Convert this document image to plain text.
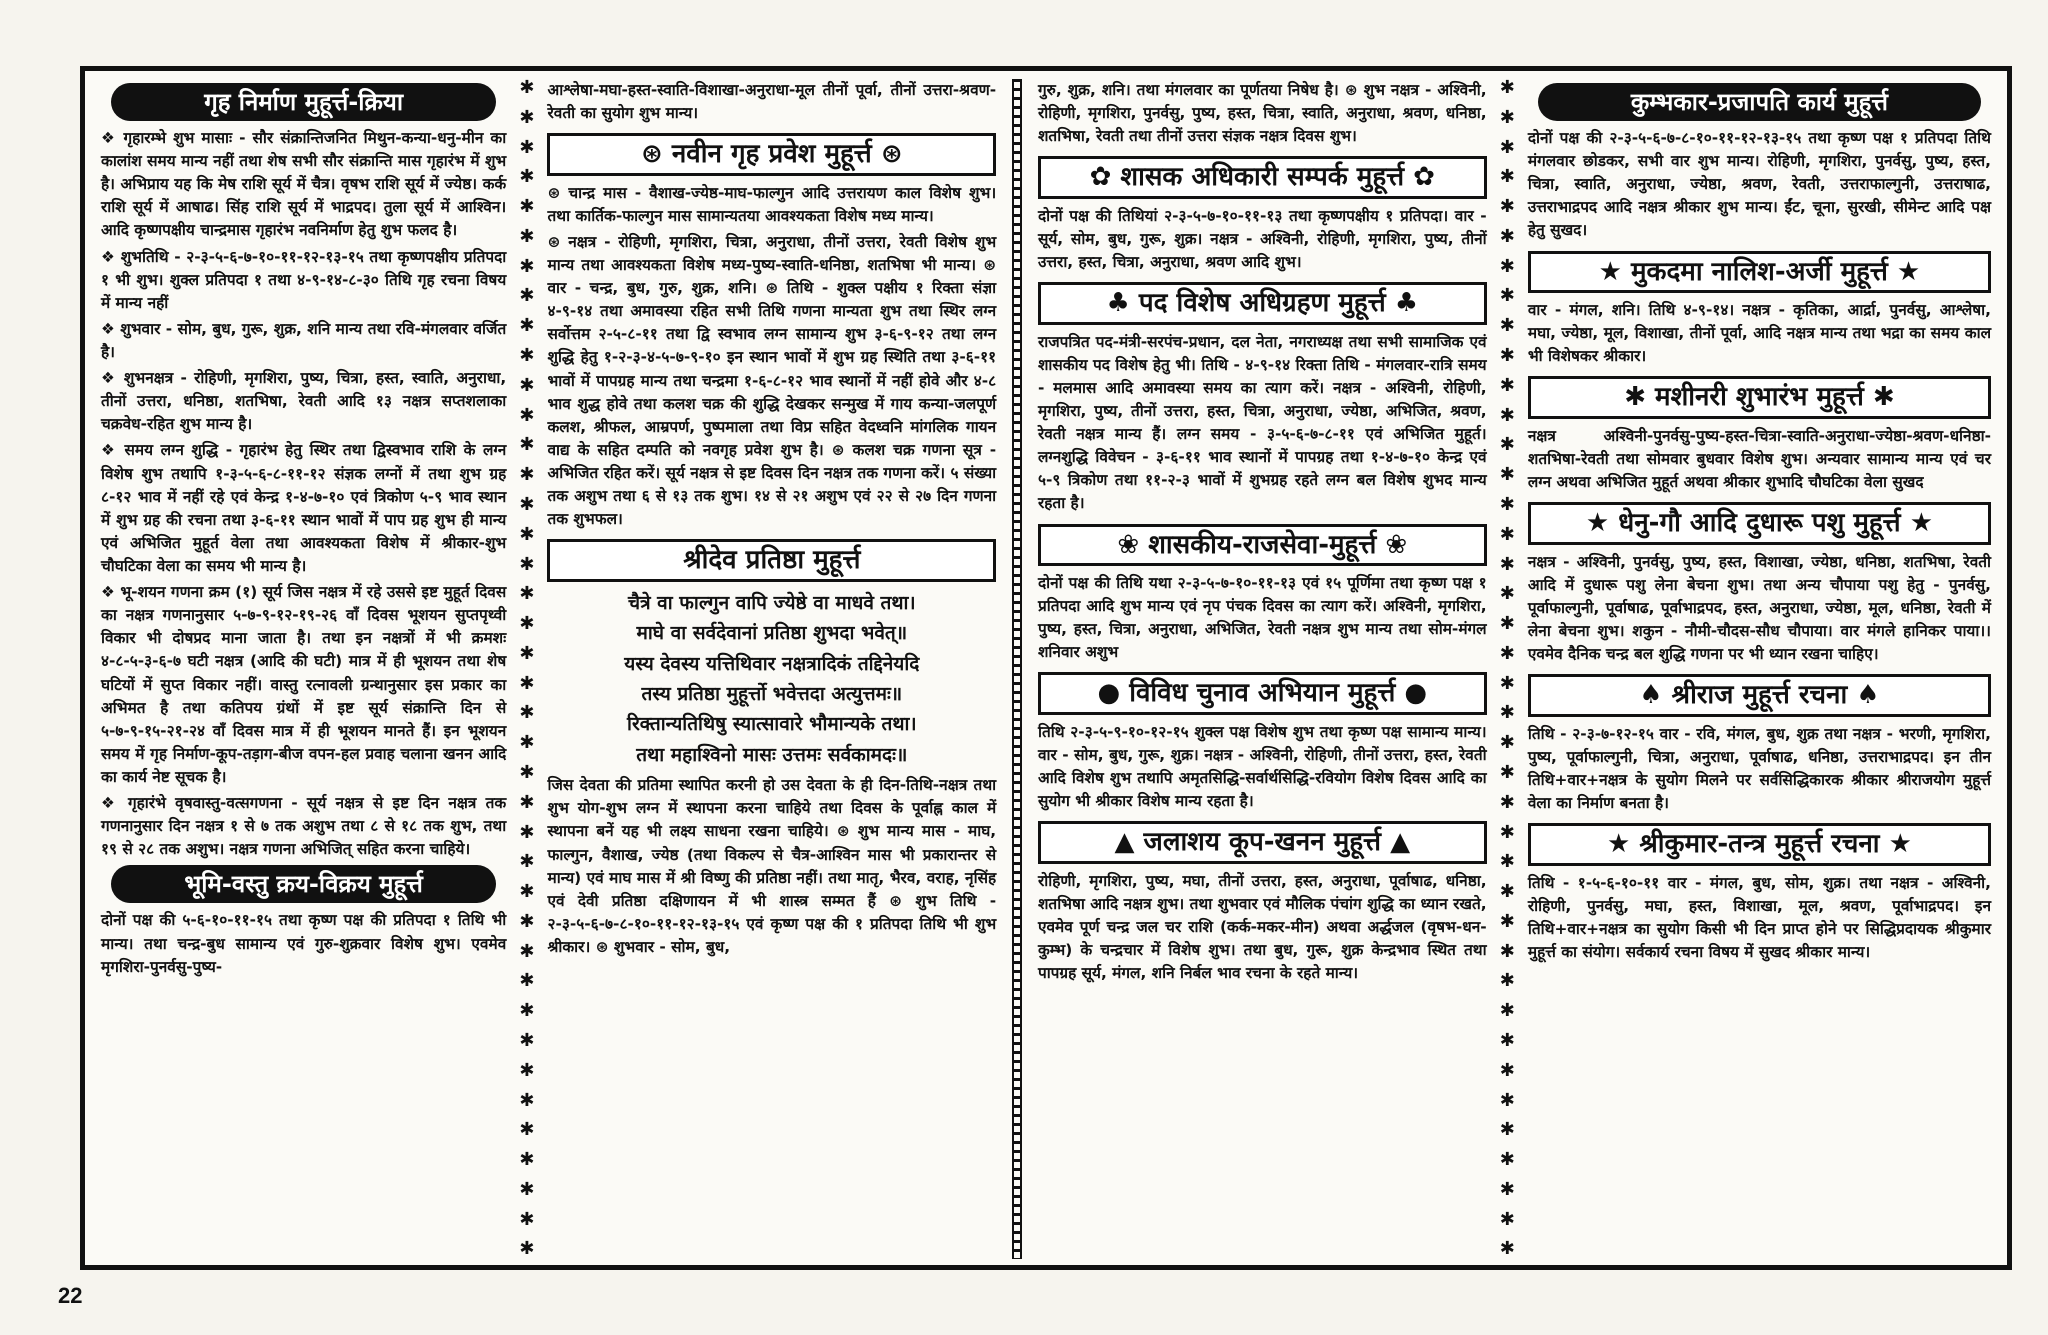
गृह निर्माण मुहूर्त्त-क्रिया
❖ गृहारम्भे शुभ मासाः - सौर संक्रान्तिजनित मिथुन-कन्या-धनु-मीन का कालांश समय मान्य नहीं तथा शेष सभी सौर संक्रान्ति मास गृहारंभ में शुभ है। अभिप्राय यह कि मेष राशि सूर्य में चैत्र। वृषभ राशि सूर्य में ज्येष्ठ। कर्क राशि सूर्य में आषाढ। सिंह राशि सूर्य में भाद्रपद। तुला सूर्य में आश्विन। आदि कृष्णपक्षीय चान्द्रमास गृहारंभ नवनिर्माण हेतु शुभ फलद है।
❖ शुभतिथि - २-३-५-६-७-१०-११-१२-१३-१५ तथा कृष्णपक्षीय प्रतिपदा १ भी शुभ। शुक्ल प्रतिपदा १ तथा ४-९-१४-८-३० तिथि गृह रचना विषय में मान्य नहीं
❖ शुभवार - सोम, बुध, गुरू, शुक्र, शनि मान्य तथा रवि-मंगलवार वर्जित है।
❖ शुभनक्षत्र - रोहिणी, मृगशिरा, पुष्य, चित्रा, हस्त, स्वाति, अनुराधा, तीनों उत्तरा, धनिष्ठा, शतभिषा, रेवती आदि १३ नक्षत्र सप्तशलाका चक्रवेध-रहित शुभ मान्य है।
❖ समय लग्न शुद्धि - गृहारंभ हेतु स्थिर तथा द्विस्वभाव राशि के लग्न विशेष शुभ तथापि १-३-५-६-८-११-१२ संज्ञक लग्नों में तथा शुभ ग्रह ८-१२ भाव में नहीं रहे एवं केन्द्र १-४-७-१० एवं त्रिकोण ५-९ भाव स्थान में शुभ ग्रह की रचना तथा ३-६-११ स्थान भावों में पाप ग्रह शुभ ही मान्य एवं अभिजित मुहूर्त वेला तथा आवश्यकता विशेष में श्रीकार-शुभ चौघटिका वेला का समय भी मान्य है।
❖ भू-शयन गणना क्रम (१) सूर्य जिस नक्षत्र में रहे उससे इष्ट मुहूर्त दिवस का नक्षत्र गणनानुसार ५-७-९-१२-१९-२६ वाँ दिवस भूशयन सुप्तपृथ्वी विकार भी दोषप्रद माना जाता है। तथा इन नक्षत्रों में भी क्रमशः ४-८-५-३-६-७ घटी नक्षत्र (आदि की घटी) मात्र में ही भूशयन तथा शेष घटियों में सुप्त विकार नहीं। वास्तु रत्नावली ग्रन्थानुसार इस प्रकार का अभिमत है तथा कतिपय ग्रंथों में इष्ट सूर्य संक्रान्ति दिन से ५-७-९-१५-२१-२४ वाँ दिवस मात्र में ही भूशयन मानते हैं। इन भूशयन समय में गृह निर्माण-कूप-तड़ाग-बीज वपन-हल प्रवाह चलाना खनन आदि का कार्य नेष्ट सूचक है।
❖ गृहारंभे वृषवास्तु-वत्सगणना - सूर्य नक्षत्र से इष्ट दिन नक्षत्र तक गणनानुसार दिन नक्षत्र १ से ७ तक अशुभ तथा ८ से १८ तक शुभ, तथा १९ से २८ तक अशुभ। नक्षत्र गणना अभिजित् सहित करना चाहिये।
भूमि-वस्तु क्रय-विक्रय मुहूर्त्त
दोनों पक्ष की ५-६-१०-११-१५ तथा कृष्ण पक्ष की प्रतिपदा १ तिथि भी मान्य। तथा चन्द्र-बुध सामान्य एवं गुरु-शुक्रवार विशेष शुभ। एवमेव मृगशिरा-पुनर्वसु-पुष्य-
✱
✱
✱
✱
✱
✱
✱
✱
✱
✱
✱
✱
✱
✱
✱
✱
✱
✱
✱
✱
✱
✱
✱
✱
✱
✱
✱
✱
✱
✱
✱
✱
✱
✱
✱
✱
✱
✱
✱
✱
आश्लेषा-मघा-हस्त-स्वाति-विशाखा-अनुराधा-मूल तीनों पूर्वा, तीनों उत्तरा-श्रवण-रेवती का सुयोग शुभ मान्य।
⊛ नवीन गृह प्रवेश मुहूर्त्त ⊛
⊛ चान्द्र मास - वैशाख-ज्येष्ठ-माघ-फाल्गुन आदि उत्तरायण काल विशेष शुभ। तथा कार्तिक-फाल्गुन मास सामान्यतया आवश्यकता विशेष मध्य मान्य।
⊛ नक्षत्र - रोहिणी, मृगशिरा, चित्रा, अनुराधा, तीनों उत्तरा, रेवती विशेष शुभ मान्य तथा आवश्यकता विशेष मध्य-पुष्य-स्वाति-धनिष्ठा, शतभिषा भी मान्य। ⊛ वार - चन्द्र, बुध, गुरु, शुक्र, शनि। ⊛ तिथि - शुक्ल पक्षीय १ रिक्ता संज्ञा ४-९-१४ तथा अमावस्या रहित सभी तिथि गणना मान्यता शुभ तथा स्थिर लग्न सर्वोत्तम २-५-८-११ तथा द्वि स्वभाव लग्न सामान्य शुभ ३-६-९-१२ तथा लग्न शुद्धि हेतु १-२-३-४-५-७-९-१० इन स्थान भावों में शुभ ग्रह स्थिति तथा ३-६-११ भावों में पापग्रह मान्य तथा चन्द्रमा १-६-८-१२ भाव स्थानों में नहीं होवे और ४-८ भाव शुद्ध होवे तथा कलश चक्र की शुद्धि देखकर सन्मुख में गाय कन्या-जलपूर्ण कलश, श्रीफल, आम्रपर्ण, पुष्पमाला तथा विप्र सहित वेदध्वनि मांगलिक गायन वाद्य के सहित दम्पति को नवगृह प्रवेश शुभ है। ⊛ कलश चक्र गणना सूत्र - अभिजित रहित करें। सूर्य नक्षत्र से इष्ट दिवस दिन नक्षत्र तक गणना करें। ५ संख्या तक अशुभ तथा ६ से १३ तक शुभ। १४ से २१ अशुभ एवं २२ से २७ दिन गणना तक शुभफल।
श्रीदेव प्रतिष्ठा मुहूर्त्त
चैत्रे वा फाल्गुन वापि ज्येष्ठे वा माधवे तथा।
माघे वा सर्वदेवानां प्रतिष्ठा शुभदा भवेत्॥
यस्य देवस्य यत्तिथिवार नक्षत्रादिकं तद्दिनेयदि
तस्य प्रतिष्ठा मुहूर्त्तो भवेत्तदा अत्युत्तमः॥
रिक्तान्यतिथिषु स्यात्सावारे भौमान्यके तथा।
तथा महाश्विनो मासः उत्तमः सर्वकामदः॥
जिस देवता की प्रतिमा स्थापित करनी हो उस देवता के ही दिन-तिथि-नक्षत्र तथा शुभ योग-शुभ लग्न में स्थापना करना चाहिये तथा दिवस के पूर्वाह्न काल में स्थापना बनें यह भी लक्ष्य साधना रखना चाहिये। ⊛ शुभ मान्य मास - माघ, फाल्गुन, वैशाख, ज्येष्ठ (तथा विकल्प से चैत्र-आश्विन मास भी प्रकारान्तर से मान्य) एवं माघ मास में श्री विष्णु की प्रतिष्ठा नहीं। तथा मातृ, भैरव, वराह, नृसिंह एवं देवी प्रतिष्ठा दक्षिणायन में भी शास्त्र सम्मत हैं ⊛ शुभ तिथि - २-३-५-६-७-८-१०-११-१२-१३-१५ एवं कृष्ण पक्ष की १ प्रतिपदा तिथि भी शुभ श्रीकार। ⊛ शुभवार - सोम, बुध,
गुरु, शुक्र, शनि। तथा मंगलवार का पूर्णतया निषेध है। ⊛ शुभ नक्षत्र - अश्विनी, रोहिणी, मृगशिरा, पुनर्वसु, पुष्य, हस्त, चित्रा, स्वाति, अनुराधा, श्रवण, धनिष्ठा, शतभिषा, रेवती तथा तीनों उत्तरा संज्ञक नक्षत्र दिवस शुभ।
✿ शासक अधिकारी सम्पर्क मुहूर्त्त ✿
दोनों पक्ष की तिथियां २-३-५-७-१०-११-१३ तथा कृष्णपक्षीय १ प्रतिपदा। वार - सूर्य, सोम, बुध, गुरू, शुक्र। नक्षत्र - अश्विनी, रोहिणी, मृगशिरा, पुष्य, तीनों उत्तरा, हस्त, चित्रा, अनुराधा, श्रवण आदि शुभ।
♣ पद विशेष अधिग्रहण मुहूर्त्त ♣
राजपत्रित पद-मंत्री-सरपंच-प्रधान, दल नेता, नगराध्यक्ष तथा सभी सामाजिक एवं शासकीय पद विशेष हेतु भी। तिथि - ४-९-१४ रिक्ता तिथि - मंगलवार-रात्रि समय - मलमास आदि अमावस्या समय का त्याग करें। नक्षत्र - अश्विनी, रोहिणी, मृगशिरा, पुष्य, तीनों उत्तरा, हस्त, चित्रा, अनुराधा, ज्येष्ठा, अभिजित, श्रवण, रेवती नक्षत्र मान्य हैं। लग्न समय - ३-५-६-७-८-११ एवं अभिजित मुहूर्त। लग्नशुद्धि विवेचन - ३-६-११ भाव स्थानों में पापग्रह तथा १-४-७-१० केन्द्र एवं ५-९ त्रिकोण तथा ११-२-३ भावों में शुभग्रह रहते लग्न बल विशेष शुभद मान्य रहता है।
❀ शासकीय-राजसेवा-मुहूर्त्त ❀
दोनों पक्ष की तिथि यथा २-३-५-७-१०-११-१३ एवं १५ पूर्णिमा तथा कृष्ण पक्ष १ प्रतिपदा आदि शुभ मान्य एवं नृप पंचक दिवस का त्याग करें। अश्विनी, मृगशिरा, पुष्य, हस्त, चित्रा, अनुराधा, अभिजित, रेवती नक्षत्र शुभ मान्य तथा सोम-मंगल शनिवार अशुभ
● विविध चुनाव अभियान मुहूर्त्त ●
तिथि २-३-५-९-१०-१२-१५ शुक्ल पक्ष विशेष शुभ तथा कृष्ण पक्ष सामान्य मान्य। वार - सोम, बुध, गुरू, शुक्र। नक्षत्र - अश्विनी, रोहिणी, तीनों उत्तरा, हस्त, रेवती आदि विशेष शुभ तथापि अमृतसिद्धि-सर्वार्थसिद्धि-रवियोग विशेष दिवस आदि का सुयोग भी श्रीकार विशेष मान्य रहता है।
▲ जलाशय कूप-खनन मुहूर्त्त ▲
रोहिणी, मृगशिरा, पुष्य, मघा, तीनों उत्तरा, हस्त, अनुराधा, पूर्वाषाढ, धनिष्ठा, शतभिषा आदि नक्षत्र शुभ। तथा शुभवार एवं मौलिक पंचांग शुद्धि का ध्यान रखते, एवमेव पूर्ण चन्द्र जल चर राशि (कर्क-मकर-मीन) अथवा अर्द्धजल (वृषभ-धन-कुम्भ) के चन्द्रचार में विशेष शुभ। तथा बुध, गुरू, शुक्र केन्द्रभाव स्थित तथा पापग्रह सूर्य, मंगल, शनि निर्बल भाव रचना के रहते मान्य।
✱
✱
✱
✱
✱
✱
✱
✱
✱
✱
✱
✱
✱
✱
✱
✱
✱
✱
✱
✱
✱
✱
✱
✱
✱
✱
✱
✱
✱
✱
✱
✱
✱
✱
✱
✱
✱
✱
✱
✱
कुम्भकार-प्रजापति कार्य मुहूर्त्त
दोनों पक्ष की २-३-५-६-७-८-१०-११-१२-१३-१५ तथा कृष्ण पक्ष १ प्रतिपदा तिथि मंगलवार छोडकर, सभी वार शुभ मान्य। रोहिणी, मृगशिरा, पुनर्वसु, पुष्य, हस्त, चित्रा, स्वाति, अनुराधा, ज्येष्ठा, श्रवण, रेवती, उत्तराफाल्गुनी, उत्तराषाढ, उत्तराभाद्रपद आदि नक्षत्र श्रीकार शुभ मान्य। ईंट, चूना, सुरखी, सीमेन्ट आदि पक्ष हेतु सुखद।
★ मुकदमा नालिश-अर्जी मुहूर्त्त ★
वार - मंगल, शनि। तिथि ४-९-१४। नक्षत्र - कृतिका, आर्द्रा, पुनर्वसु, आश्लेषा, मघा, ज्येष्ठा, मूल, विशाखा, तीनों पूर्वा, आदि नक्षत्र मान्य तथा भद्रा का समय काल भी विशेषकर श्रीकार।
✱ मशीनरी शुभारंभ मुहूर्त्त ✱
नक्षत्र अश्विनी-पुनर्वसु-पुष्य-हस्त-चित्रा-स्वाति-अनुराधा-ज्येष्ठा-श्रवण-धनिष्ठा-शतभिषा-रेवती तथा सोमवार बुधवार विशेष शुभ। अन्यवार सामान्य मान्य एवं चर लग्न अथवा अभिजित मुहूर्त अथवा श्रीकार शुभादि चौघटिका वेला सुखद
★ धेनु-गौ आदि दुधारू पशु मुहूर्त्त ★
नक्षत्र - अश्विनी, पुनर्वसु, पुष्य, हस्त, विशाखा, ज्येष्ठा, धनिष्ठा, शतभिषा, रेवती आदि में दुधारू पशु लेना बेचना शुभ। तथा अन्य चौपाया पशु हेतु - पुनर्वसु, पूर्वाफाल्गुनी, पूर्वाषाढ, पूर्वाभाद्रपद, हस्त, अनुराधा, ज्येष्ठा, मूल, धनिष्ठा, रेवती में लेना बेचना शुभ। शकुन - नौमी-चौदस-सौध चौपाया। वार मंगले हानिकर पाया।। एवमेव दैनिक चन्द्र बल शुद्धि गणना पर भी ध्यान रखना चाहिए।
♠ श्रीराज मुहूर्त्त रचना ♠
तिथि - २-३-७-१२-१५ वार - रवि, मंगल, बुध, शुक्र तथा नक्षत्र - भरणी, मृगशिरा, पुष्य, पूर्वाफाल्गुनी, चित्रा, अनुराधा, पूर्वाषाढ, धनिष्ठा, उत्तराभाद्रपद। इन तीन तिथि+वार+नक्षत्र के सुयोग मिलने पर सर्वसिद्धिकारक श्रीकार श्रीराजयोग मुहूर्त्त वेला का निर्माण बनता है।
★ श्रीकुमार-तन्त्र मुहूर्त्त रचना ★
तिथि - १-५-६-१०-११ वार - मंगल, बुध, सोम, शुक्र। तथा नक्षत्र - अश्विनी, रोहिणी, पुनर्वसु, मघा, हस्त, विशाखा, मूल, श्रवण, पूर्वाभाद्रपद। इन तिथि+वार+नक्षत्र का सुयोग किसी भी दिन प्राप्त होने पर सिद्धिप्रदायक श्रीकुमार मुहूर्त्त का संयोग। सर्वकार्य रचना विषय में सुखद श्रीकार मान्य।
22
